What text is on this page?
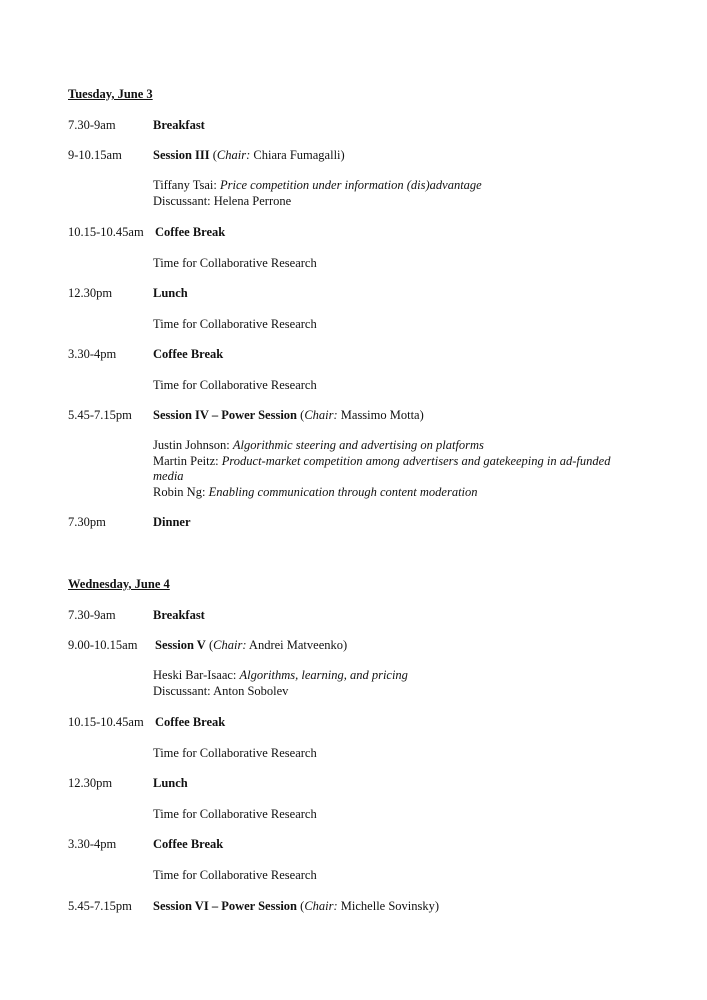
Tuesday, June 3
7.30-9am	Breakfast
9-10.15am Session III (Chair: Chiara Fumagalli)
Tiffany Tsai: Price competition under information (dis)advantage
Discussant: Helena Perrone
10.15-10.45am Coffee Break
Time for Collaborative Research
12.30pm	Lunch
Time for Collaborative Research
3.30-4pm	Coffee Break
Time for Collaborative Research
5.45-7.15pm Session IV – Power Session (Chair: Massimo Motta)
Justin Johnson: Algorithmic steering and advertising on platforms
Martin Peitz: Product-market competition among advertisers and gatekeeping in ad-funded media
Robin Ng: Enabling communication through content moderation
7.30pm	Dinner
Wednesday, June 4
7.30-9am	Breakfast
9.00-10.15am Session V (Chair: Andrei Matveenko)
Heski Bar-Isaac: Algorithms, learning, and pricing
Discussant: Anton Sobolev
10.15-10.45am Coffee Break
Time for Collaborative Research
12.30pm	Lunch
Time for Collaborative Research
3.30-4pm	Coffee Break
Time for Collaborative Research
5.45-7.15pm Session VI – Power Session (Chair: Michelle Sovinsky)
